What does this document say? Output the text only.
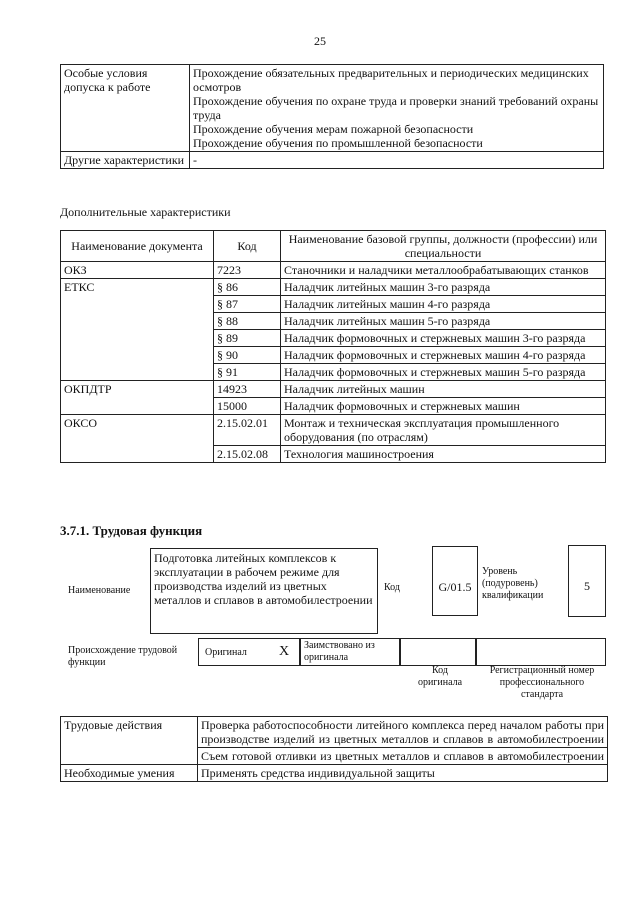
25
Особые условия допуска к работе	Прохождение обязательных предварительных и периодических медицинских осмотров
Прохождение обучения по охране труда и проверки знаний требований охраны труда
Прохождение обучения мерам пожарной безопасности
Прохождение обучения по промышленной безопасности

Другие характеристики	-
Дополнительные характеристики
Наименование документа	Код	Наименование базовой группы, должности (профессии) или специальности
ОКЗ	7223	Станочники и наладчики металлообрабатывающих станков
ЕТКС	§ 86	Наладчик литейных машин 3-го разряда
	§ 87	Наладчик литейных машин 4-го разряда
	§ 88	Наладчик литейных машин 5-го разряда
	§ 89	Наладчик формовочных и стержневых машин 3-го разряда
	§ 90	Наладчик формовочных и стержневых машин 4-го разряда
	§ 91	Наладчик формовочных и стержневых машин 5-го разряда
ОКПДТР	14923	Наладчик литейных машин
	15000	Наладчик формовочных и стержневых машин
ОКСО	2.15.02.01	Монтаж и техническая эксплуатация промышленного оборудования (по отраслям)
	2.15.02.08	Технология машиностроения
3.7.1. Трудовая функция
Наименование
Подготовка литейных комплексов к эксплуатации в рабочем режиме для производства изделий из цветных металлов и сплавов в автомобилестроении
Код	G/01.5
Уровень (подуровень) квалификации
5
Происхождение трудовой функции
Оригинал X	Заимствовано из оригинала
Код оригинала
Регистрационный номер профессионального стандарта
Трудовые действия	Проверка работоспособности литейного комплекса перед началом работы при производстве изделий из цветных металлов и сплавов в автомобилестроении
	Съем готовой отливки из цветных металлов и сплавов в автомобилестроении
Необходимые умения	Применять средства индивидуальной защиты
